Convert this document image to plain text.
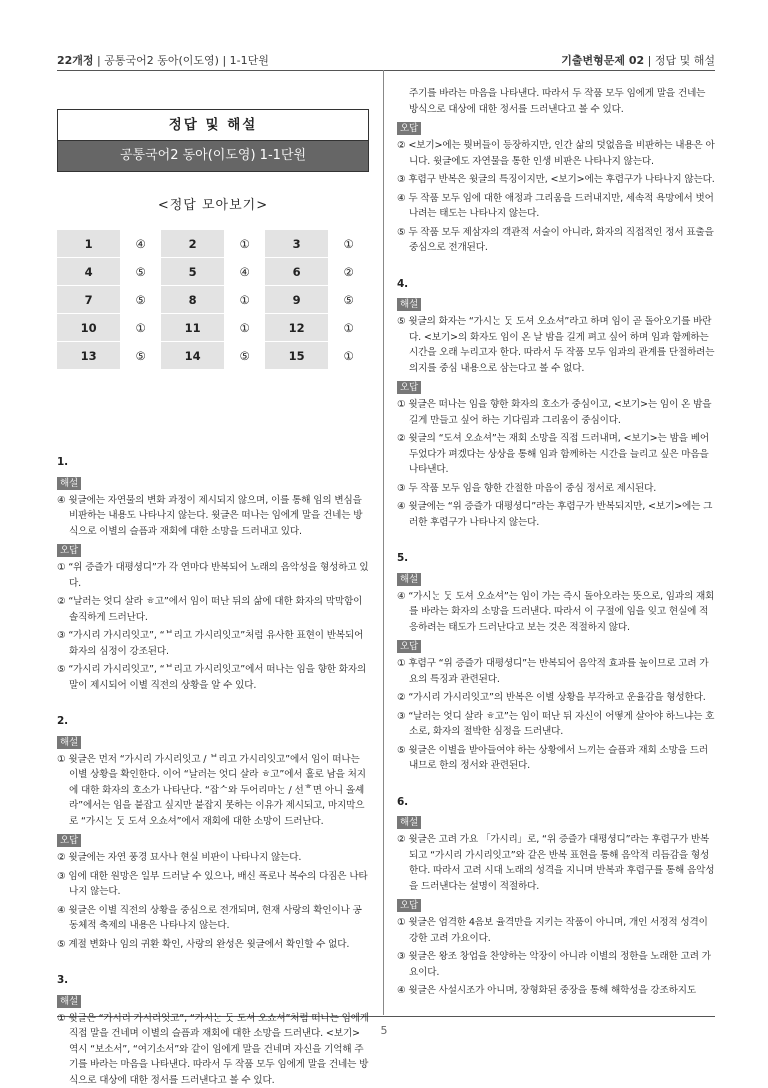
22개정 | 공통국어2 동아(이도영) | 1-1단원	기출변형문제 02 | 정답 및 해설
5
정답 및 해설
공통국어2 동아(이도영) 1-1단원
<정답 모아보기>
1	④	2	①	3	①
4	⑤	5	④	6	②
7	⑤	8	①	9	⑤
10	①	11	①	12	①
13	⑤	14	⑤	15	①
1.
해설
④ 윗글에는 자연물의 변화 과정이 제시되지 않으며, 이를 통해 임의 변심을 비판하는 내용도 나타나지 않는다. 윗글은 떠나는 임에게 말을 건네는 방식으로 이별의 슬픔과 재회에 대한 소망을 드러내고 있다.
오답
① “위 증즐가 대평셩디”가 각 연마다 반복되어 노래의 음악성을 형성하고 있다.
② “날러는 엇디 살라 ㅎ고”에서 임이 떠난 뒤의 삶에 대한 화자의 막막함이 솔직하게 드러난다.
③ “가시리 가시리잇고”, “ᄇ리고 가시리잇고”처럼 유사한 표현이 반복되어 화자의 심정이 강조된다.
⑤ “가시리 가시리잇고”, “ᄇ리고 가시리잇고”에서 떠나는 임을 향한 화자의 말이 제시되어 이별 직전의 상황을 알 수 있다.
2.
해설
① 윗글은 먼저 “가시리 가시리잇고 / ᄇ리고 가시리잇고”에서 임이 떠나는 이별 상황을 확인한다. 이어 “날러는 엇디 살라 ㅎ고”에서 홀로 남을 처지에 대한 화자의 호소가 나타난다. “잡ᄉ와 두어리마ᄂᆞᆫ / 선ᄒ면 아니 올셰라”에서는 임을 붙잡고 싶지만 붙잡지 못하는 이유가 제시되고, 마지막으로 “가시ᄂᆞᆫ ᄃᆞᆺ 도셔 오쇼셔”에서 재회에 대한 소망이 드러난다.
오답
② 윗글에는 자연 풍경 묘사나 현실 비판이 나타나지 않는다.
③ 임에 대한 원망은 일부 드러날 수 있으나, 배신 폭로나 복수의 다짐은 나타나지 않는다.
④ 윗글은 이별 직전의 상황을 중심으로 전개되며, 현재 사랑의 확인이나 공동체적 축제의 내용은 나타나지 않는다.
⑤ 계절 변화나 임의 귀환 확인, 사랑의 완성은 윗글에서 확인할 수 없다.
3.
해설
① 윗글은 “가시리 가시리잇고”, “가시ᄂᆞᆫ ᄃᆞᆺ 도셔 오쇼셔”처럼 떠나는 임에게 직접 말을 건네며 이별의 슬픔과 재회에 대한 소망을 드러낸다. <보기> 역시 “보소서”, “여기소서”와 같이 임에게 말을 건네며 자신을 기억해 주기를 바라는 마음을 나타낸다. 따라서 두 작품 모두 임에게 말을 건네는 방식으로 대상에 대한 정서를 드러낸다고 볼 수 있다.
주기를 바라는 마음을 나타낸다. 따라서 두 작품 모두 임에게 말을 건네는 방식으로 대상에 대한 정서를 드러낸다고 볼 수 있다.
오답
② <보기>에는 뭣버들이 등장하지만, 인간 삶의 덧없음을 비판하는 내용은 아니다. 윗글에도 자연물을 통한 인생 비판은 나타나지 않는다.
③ 후렴구 반복은 윗글의 특징이지만, <보기>에는 후렴구가 나타나지 않는다.
④ 두 작품 모두 임에 대한 애정과 그리움을 드러내지만, 세속적 욕망에서 벗어나려는 태도는 나타나지 않는다.
⑤ 두 작품 모두 제삼자의 객관적 서술이 아니라, 화자의 직접적인 정서 표출을 중심으로 전개된다.
4.
해설
⑤ 윗글의 화자는 “가시ᄂᆞᆫ ᄃᆞᆺ 도셔 오쇼셔”라고 하며 임이 곧 돌아오기를 바란다. <보기>의 화자도 임이 온 날 밤을 길게 펴고 싶어 하며 임과 함께하는 시간을 오래 누리고자 한다. 따라서 두 작품 모두 임과의 관계를 단절하려는 의지를 중심 내용으로 삼는다고 볼 수 없다.
오답
① 윗글은 떠나는 임을 향한 화자의 호소가 중심이고, <보기>는 임이 온 밤을 길게 만들고 싶어 하는 기다림과 그리움이 중심이다.
② 윗글의 “도셔 오쇼셔”는 재회 소망을 직접 드러내며, <보기>는 밤을 베어 두었다가 펴겠다는 상상을 통해 임과 함께하는 시간을 늘리고 싶은 마음을 나타낸다.
③ 두 작품 모두 임을 향한 간절한 마음이 중심 정서로 제시된다.
④ 윗글에는 “위 증즐가 대평셩디”라는 후렴구가 반복되지만, <보기>에는 그러한 후렴구가 나타나지 않는다.
5.
해설
④ “가시ᄂᆞᆫ ᄃᆞᆺ 도셔 오쇼셔”는 임이 가는 즉시 돌아오라는 뜻으로, 임과의 재회를 바라는 화자의 소망을 드러낸다. 따라서 이 구절에 임을 잊고 현실에 적응하려는 태도가 드러난다고 보는 것은 적절하지 않다.
오답
① 후렴구 “위 증즐가 대평셩디”는 반복되어 음악적 효과를 높이므로 고려 가요의 특징과 관련된다.
② “가시리 가시리잇고”의 반복은 이별 상황을 부각하고 운율감을 형성한다.
③ “날러는 엇디 살라 ㅎ고”는 임이 떠난 뒤 자신이 어떻게 살아야 하느냐는 호소로, 화자의 절박한 심정을 드러낸다.
⑤ 윗글은 이별을 받아들여야 하는 상황에서 느끼는 슬픔과 재회 소망을 드러내므로 한의 정서와 관련된다.
6.
해설
② 윗글은 고려 가요 「가시리」로, “위 증즐가 대평셩디”라는 후렴구가 반복되고 “가시리 가시리잇고”와 같은 반복 표현을 통해 음악적 리듬감을 형성한다. 따라서 고려 시대 노래의 성격을 지니며 반복과 후렴구를 통해 음악성을 드러낸다는 설명이 적절하다.
오답
① 윗글은 엄격한 4음보 율격만을 지키는 작품이 아니며, 개인 서정적 성격이 강한 고려 가요이다.
③ 윗글은 왕조 창업을 찬양하는 악장이 아니라 이별의 정한을 노래한 고려 가요이다.
④ 윗글은 사설시조가 아니며, 장형화된 중장을 통해 해학성을 강조하지도
